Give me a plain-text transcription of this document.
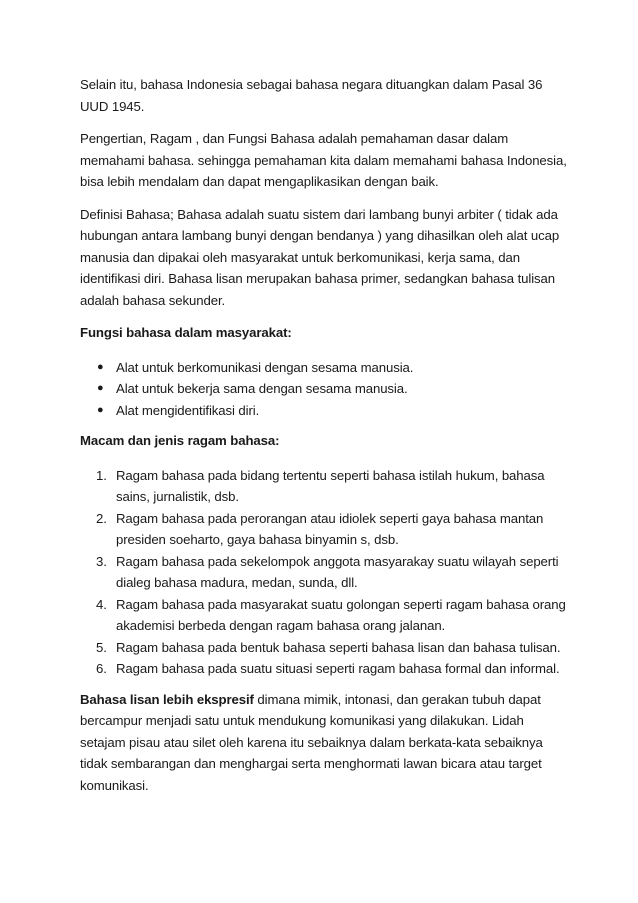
Selain itu, bahasa Indonesia sebagai bahasa negara dituangkan dalam Pasal 36 UUD 1945.

Pengertian, Ragam , dan Fungsi Bahasa adalah pemahaman dasar dalam memahami bahasa. sehingga pemahaman kita dalam memahami bahasa Indonesia, bisa lebih mendalam dan dapat mengaplikasikan dengan baik.

Definisi Bahasa; Bahasa adalah suatu sistem dari lambang bunyi arbiter ( tidak ada hubungan antara lambang bunyi dengan bendanya ) yang dihasilkan oleh alat ucap manusia dan dipakai oleh masyarakat untuk berkomunikasi, kerja sama, dan identifikasi diri. Bahasa lisan merupakan bahasa primer, sedangkan bahasa tulisan adalah bahasa sekunder.

Fungsi bahasa dalam masyarakat:

● Alat untuk berkomunikasi dengan sesama manusia.
● Alat untuk bekerja sama dengan sesama manusia.
● Alat mengidentifikasi diri.

Macam dan jenis ragam bahasa:

1. Ragam bahasa pada bidang tertentu seperti bahasa istilah hukum, bahasa sains, jurnalistik, dsb.
2. Ragam bahasa pada perorangan atau idiolek seperti gaya bahasa mantan presiden soeharto, gaya bahasa binyamin s, dsb.
3. Ragam bahasa pada sekelompok anggota masyarakay suatu wilayah seperti dialeg bahasa madura, medan, sunda, dll.
4. Ragam bahasa pada masyarakat suatu golongan seperti ragam bahasa orang akademisi berbeda dengan ragam bahasa orang jalanan.
5. Ragam bahasa pada bentuk bahasa seperti bahasa lisan dan bahasa tulisan.
6. Ragam bahasa pada suatu situasi seperti ragam bahasa formal dan informal.

Bahasa lisan lebih ekspresif dimana mimik, intonasi, dan gerakan tubuh dapat bercampur menjadi satu untuk mendukung komunikasi yang dilakukan. Lidah setajam pisau atau silet oleh karena itu sebaiknya dalam berkata-kata sebaiknya tidak sembarangan dan menghargai serta menghormati lawan bicara atau target komunikasi.
